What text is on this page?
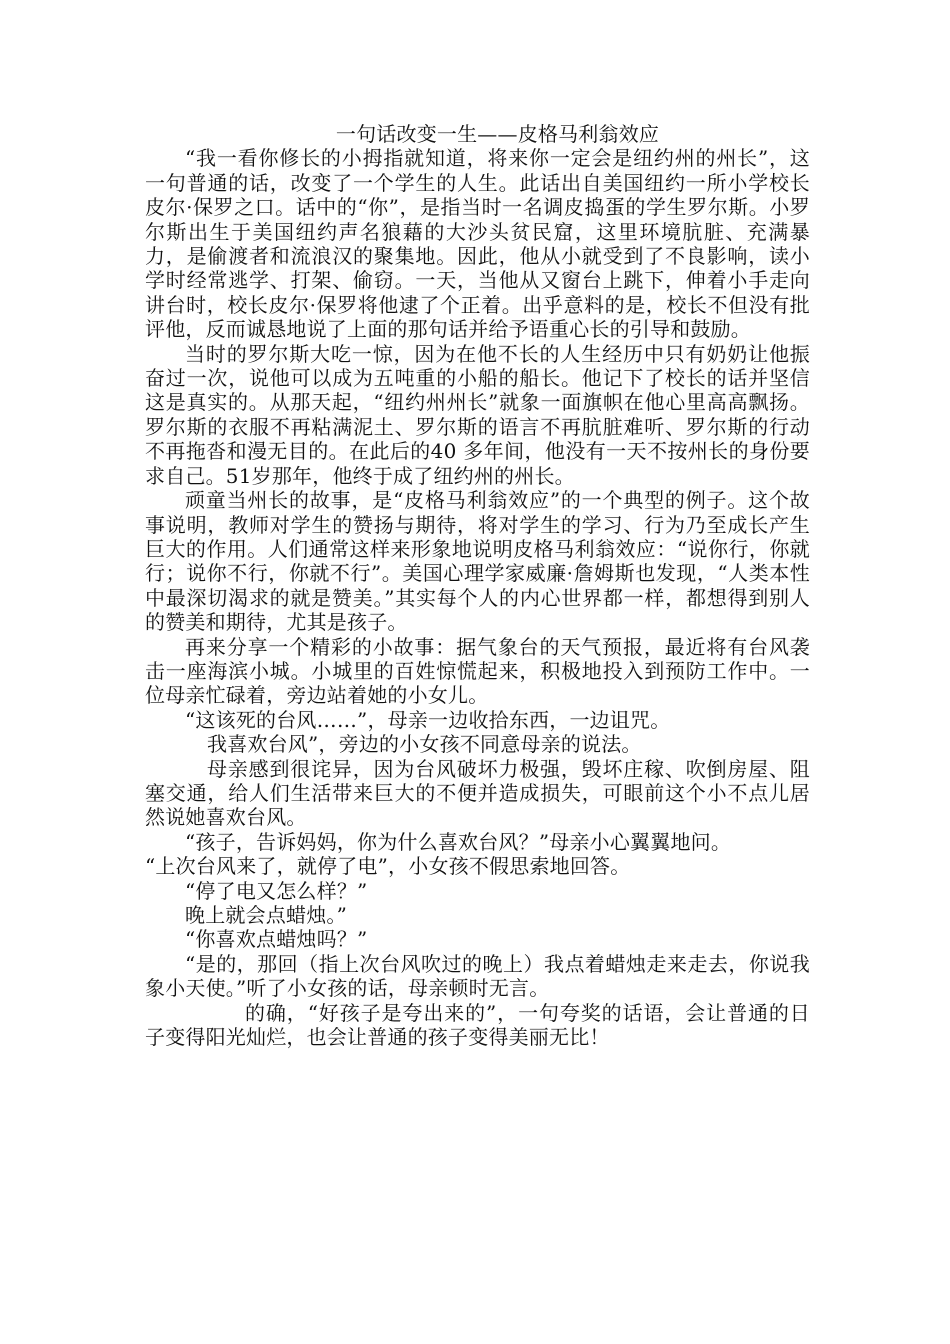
一句话改变一生——皮格马利翁效应

“我一看你修长的小拇指就知道，将来你一定会是纽约州的州长”，这一句普通的话，改变了一个学生的人生。此话出自美国纽约一所小学校长皮尔·保罗之口。话中的“你”，是指当时一名调皮捣蛋的学生罗尔斯。小罗尔斯出生于美国纽约声名狼藉的大沙头贫民窟，这里环境肮脏、充满暴力，是偷渡者和流浪汉的聚集地。因此，他从小就受到了不良影响，读小学时经常逃学、打架、偷窃。一天，当他从又窗台上跳下，伸着小手走向讲台时，校长皮尔·保罗将他逮了个正着。出乎意料的是，校长不但没有批评他，反而诚恳地说了上面的那句话并给予语重心长的引导和鼓励。

当时的罗尔斯大吃一惊，因为在他不长的人生经历中只有奶奶让他振奋过一次，说他可以成为五吨重的小船的船长。他记下了校长的话并坚信这是真实的。从那天起，“纽约州州长”就象一面旗帜在他心里高高飘扬。罗尔斯的衣服不再粘满泥土、罗尔斯的语言不再肮脏难听、罗尔斯的行动不再拖沓和漫无目的。在此后的40 多年间，他没有一天不按州长的身份要求自己。51岁那年，他终于成了纽约州的州长。

顽童当州长的故事，是“皮格马利翁效应”的一个典型的例子。这个故事说明，教师对学生的赞扬与期待，将对学生的学习、行为乃至成长产生巨大的作用。人们通常这样来形象地说明皮格马利翁效应：“说你行，你就行；说你不行，你就不行”。美国心理学家威廉·詹姆斯也发现，“人类本性中最深切渴求的就是赞美。”其实每个人的内心世界都一样，都想得到别人的赞美和期待，尤其是孩子。

再来分享一个精彩的小故事：据气象台的天气预报，最近将有台风袭击一座海滨小城。小城里的百姓惊慌起来，积极地投入到预防工作中。一位母亲忙碌着，旁边站着她的小女儿。

“这该死的台风……”，母亲一边收拾东西，一边诅咒。

我喜欢台风”，旁边的小女孩不同意母亲的说法。

母亲感到很诧异，因为台风破坏力极强，毁坏庄稼、吹倒房屋、阻塞交通，给人们生活带来巨大的不便并造成损失，可眼前这个小不点儿居然说她喜欢台风。

“孩子，告诉妈妈，你为什么喜欢台风？”母亲小心翼翼地问。

“上次台风来了，就停了电”，小女孩不假思索地回答。

“停了电又怎么样？”

晚上就会点蜡烛。”

“你喜欢点蜡烛吗？”

“是的，那回（指上次台风吹过的晚上）我点着蜡烛走来走去，你说我象小天使。”听了小女孩的话，母亲顿时无言。

的确，“好孩子是夸出来的”，一句夸奖的话语，会让普通的日子变得阳光灿烂，也会让普通的孩子变得美丽无比！
